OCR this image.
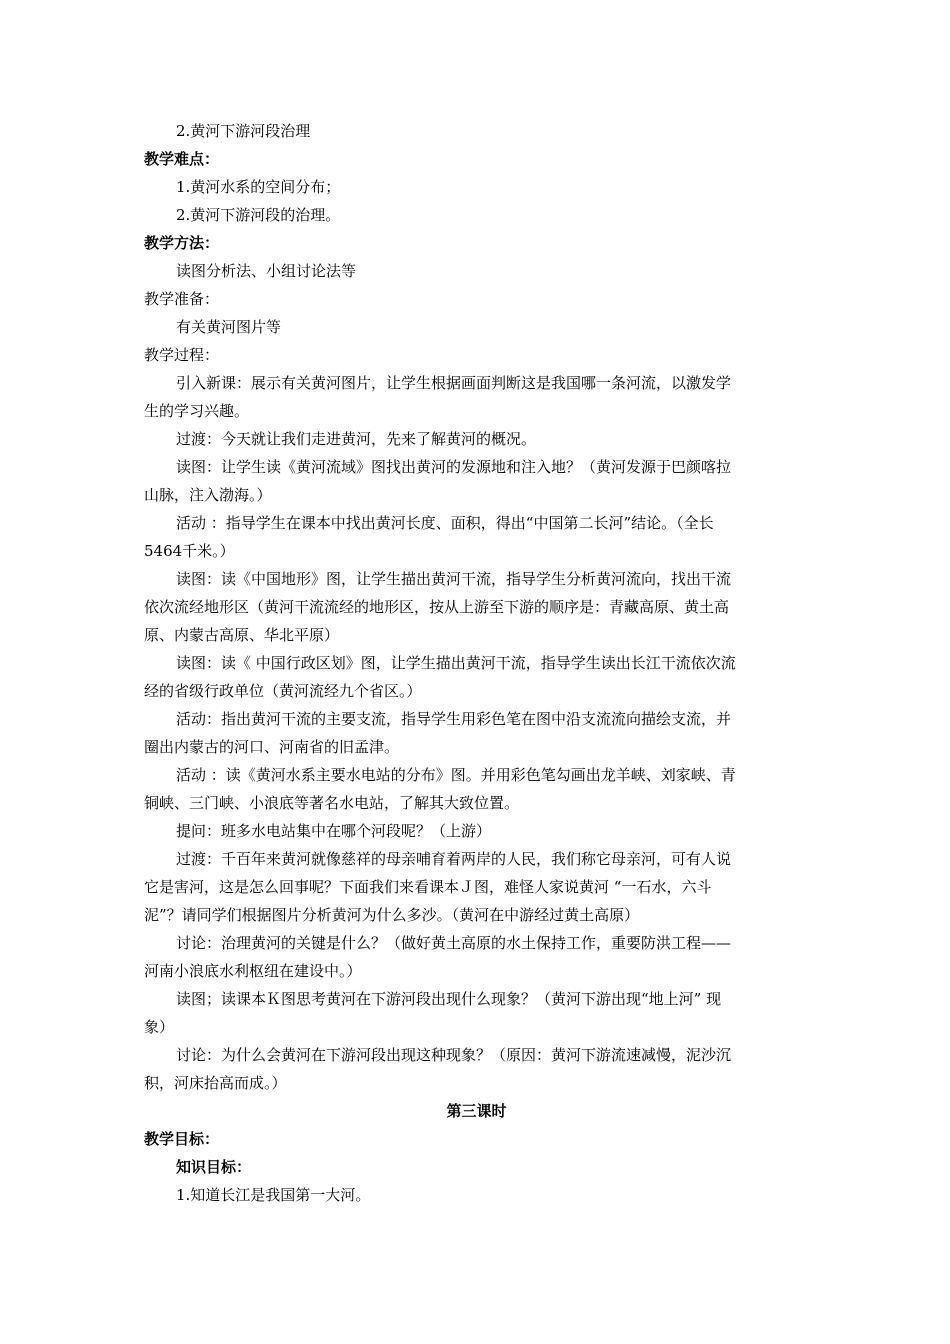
2.黄河下游河段治理
教学难点：
1.黄河水系的空间分布；
2.黄河下游河段的治理。
教学方法：
读图分析法、小组讨论法等
教学准备：
有关黄河图片等
教学过程：
引入新课：展示有关黄河图片，让学生根据画面判断这是我国哪一条河流，以激发学
生的学习兴趣。
过渡：今天就让我们走进黄河，先来了解黄河的概况。
读图：让学生读《黄河流域》图找出黄河的发源地和注入地？（黄河发源于巴颜喀拉
山脉，注入渤海。）
活动 ：指导学生在课本中找出黄河长度、面积，得出“中国第二长河”结论。（全长
5464千米。）
读图：读《中国地形》图，让学生描出黄河干流，指导学生分析黄河流向，找出干流
依次流经地形区（黄河干流流经的地形区，按从上游至下游的顺序是：青藏高原、黄土高
原、内蒙古高原、华北平原）
读图：读《 中国行政区划》图，让学生描出黄河干流，指导学生读出长江干流依次流
经的省级行政单位（黄河流经九个省区。）
活动：指出黄河干流的主要支流，指导学生用彩色笔在图中沿支流流向描绘支流，并
圈出内蒙古的河口、河南省的旧孟津。
活动 ：读《黄河水系主要水电站的分布》图。并用彩色笔勾画出龙羊峡、刘家峡、青
铜峡、三门峡、小浪底等著名水电站，了解其大致位置。
提问：班多水电站集中在哪个河段呢？（上游）
过渡：千百年来黄河就像慈祥的母亲哺育着两岸的人民，我们称它母亲河，可有人说
它是害河，这是怎么回事呢？下面我们来看课本Ｊ图，难怪人家说黄河 “一石水，六斗
泥”？请同学们根据图片分析黄河为什么多沙。（黄河在中游经过黄土高原）
讨论：治理黄河的关键是什么？（做好黄土高原的水土保持工作，重要防洪工程——
河南小浪底水利枢纽在建设中。）
读图；读课本Ｋ图思考黄河在下游河段出现什么现象？（黄河下游出现“地上河” 现
象）
讨论：为什么会黄河在下游河段出现这种现象？（原因：黄河下游流速减慢，泥沙沉
积，河床抬高而成。）
第三课时
教学目标：
知识目标：
1.知道长江是我国第一大河。
